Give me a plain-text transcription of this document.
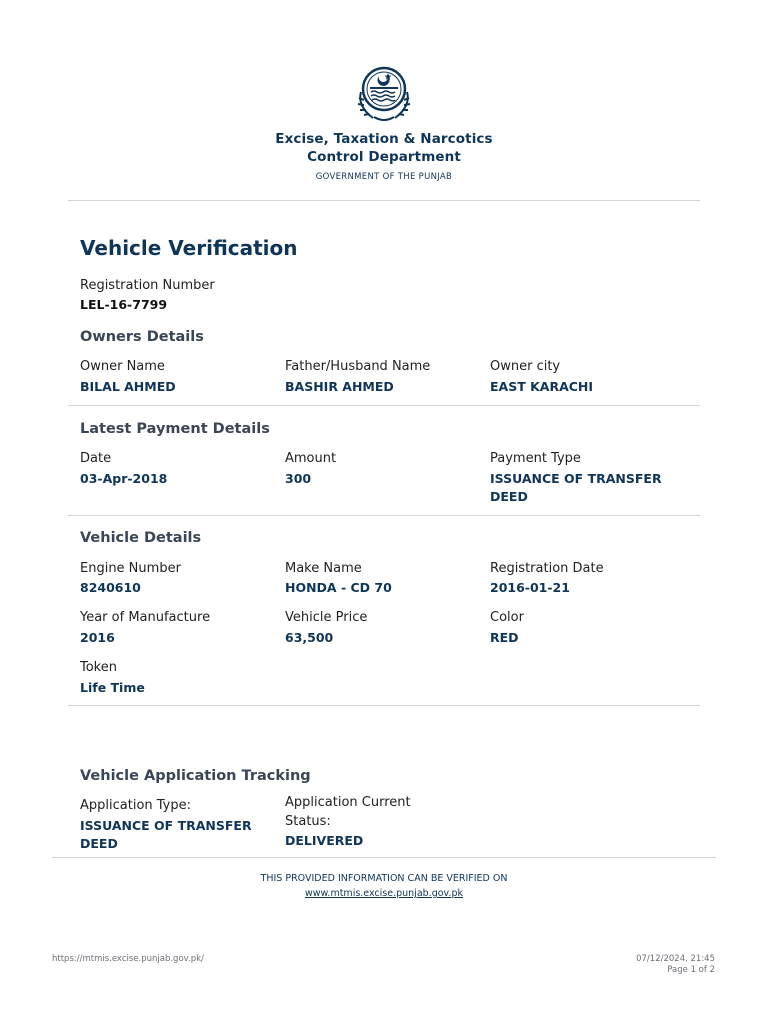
Excise, Taxation & Narcotics
Control Department
GOVERNMENT OF THE PUNJAB
Vehicle Verification
Registration Number
LEL-16-7799
Owners Details
Owner Name
BILAL AHMED
Father/Husband Name
BASHIR AHMED
Owner city
EAST KARACHI
Latest Payment Details
Date
03-Apr-2018
Amount
300
Payment Type
ISSUANCE OF TRANSFER
DEED
Vehicle Details
Engine Number
8240610
Make Name
HONDA - CD 70
Registration Date
2016-01-21
Year of Manufacture
2016
Vehicle Price
63,500
Color
RED
Token
Life Time
Vehicle Application Tracking
Application Type:
ISSUANCE OF TRANSFER
DEED
Application Current
Status:
DELIVERED
THIS PROVIDED INFORMATION CAN BE VERIFIED ON
www.mtmis.excise.punjab.gov.pk
https://mtmis.excise.punjab.gov.pk/	07/12/2024, 21:45
Page 1 of 2
